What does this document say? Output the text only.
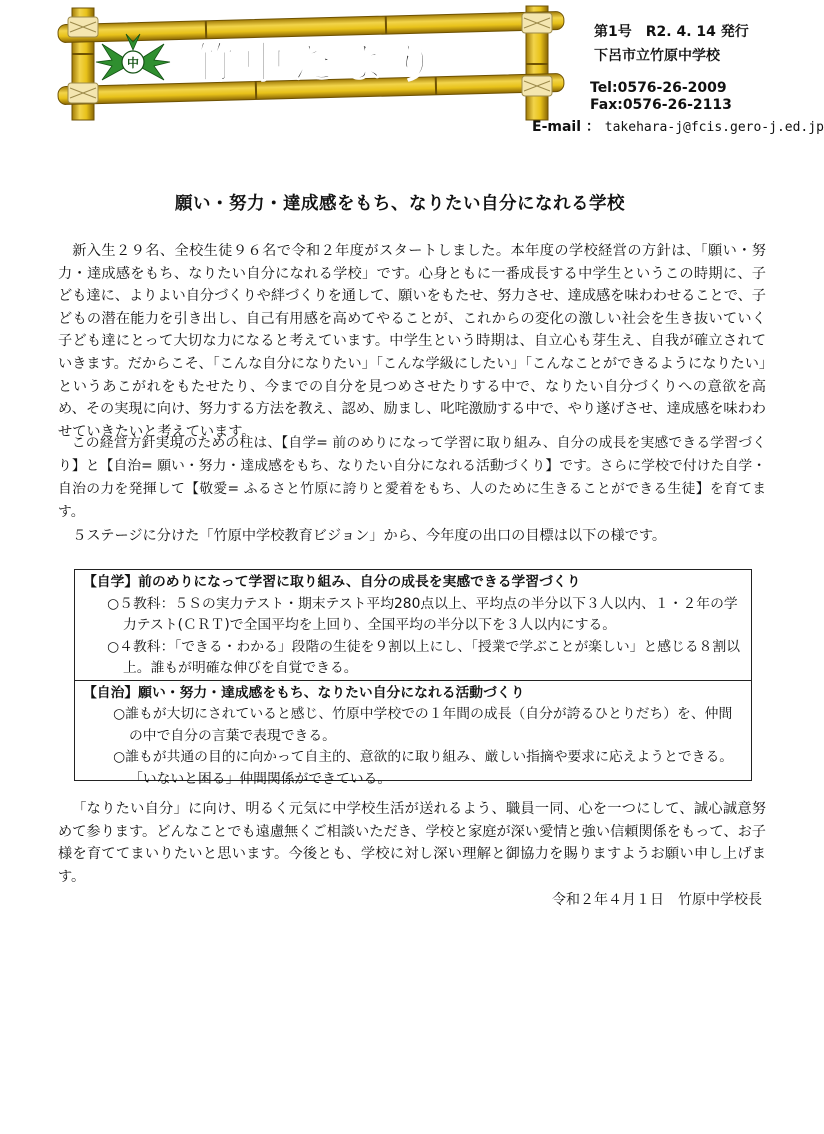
中 竹中だより
第1号　R2. 4. 14 発行
下呂市立竹原中学校
Tel:0576-26-2009
Fax:0576-26-2113
E-mail ： takehara-j@fcis.gero-j.ed.jp
願い・努力・達成感をもち、なりたい自分になれる学校

新入生２９名、全校生徒９６名で令和２年度がスタートしました。本年度の学校経営の方針は、「願い・努力・達成感をもち、なりたい自分になれる学校」です。心身ともに一番成長する中学生というこの時期に、子ども達に、よりよい自分づくりや絆づくりを通して、願いをもたせ、努力させ、達成感を味わわせることで、子どもの潜在能力を引き出し、自己有用感を高めてやることが、これからの変化の激しい社会を生き抜いていく子ども達にとって大切な力になると考えています。中学生という時期は、自立心も芽生え、自我が確立されていきます。だからこそ、「こんな自分になりたい」「こんな学級にしたい」「こんなことができるようになりたい」というあこがれをもたせたり、今までの自分を見つめさせたりする中で、なりたい自分づくりへの意欲を高め、その実現に向け、努力する方法を教え、認め、励まし、叱咤激励する中で、やり遂げさせ、達成感を味わわせていきたいと考えています。

この経営方針実現のための柱は、【自学= 前のめりになって学習に取り組み、自分の成長を実感できる学習づくり】と【自治= 願い・努力・達成感をもち、なりたい自分になれる活動づくり】です。さらに学校で付けた自学・自治の力を発揮して【敬愛= ふるさと竹原に誇りと愛着をもち、人のために生きることができる生徒】を育てます。

５ステージに分けた「竹原中学校教育ビジョン」から、今年度の出口の目標は以下の様です。
【自学】前のめりになって学習に取り組み、自分の成長を実感できる学習づくり
○５教科：５Ｓの実力テスト・期末テスト平均280点以上、平均点の半分以下３人以内、１・２年の学力テスト(ＣＲＴ)で全国平均を上回り、全国平均の半分以下を３人以内にする。
○４教科：「できる・わかる」段階の生徒を９割以上にし、「授業で学ぶことが楽しい」と感じる８割以上。誰もが明確な伸びを自覚できる。
【自治】願い・努力・達成感をもち、なりたい自分になれる活動づくり
○誰もが大切にされていると感じ、竹原中学校での１年間の成長（自分が誇るひとりだち）を、仲間の中で自分の言葉で表現できる。
○誰もが共通の目的に向かって自主的、意欲的に取り組み、厳しい指摘や要求に応えようとできる。「いないと困る」仲間関係ができている。

「なりたい自分」に向け、明るく元気に中学校生活が送れるよう、職員一同、心を一つにして、誠心誠意努めて参ります。どんなことでも遠慮無くご相談いただき、学校と家庭が深い愛情と強い信頼関係をもって、お子様を育ててまいりたいと思います。今後とも、学校に対し深い理解と御協力を賜りますようお願い申し上げます。

令和２年４月１日　竹原中学校長
